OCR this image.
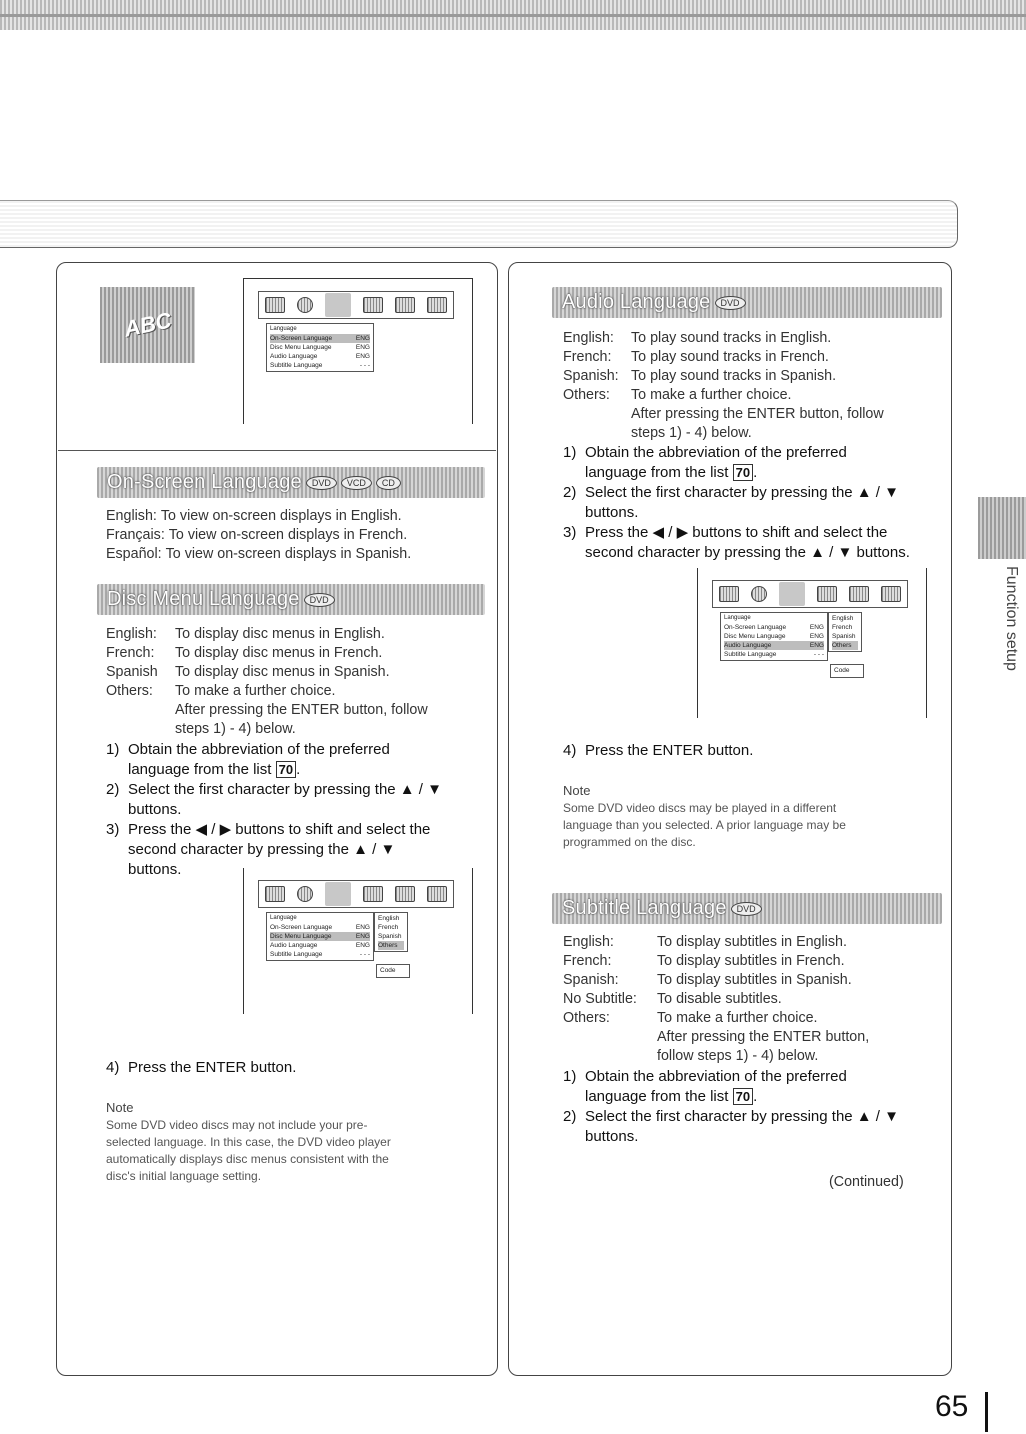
ABC	Language
On-Screen Language	ENG
Disc Menu Language	ENG
Audio Language	ENG
Subtitle Language	- - -
On-Screen Language	DVD	VCD	CD
English:
To view on-screen displays in English.
Français:
To view on-screen displays in French.
Español:
To view on-screen displays in Spanish.
Disc Menu Language	DVD
English:	To display disc menus in English.
French:	To display disc menus in French.
Spanish	To display disc menus in Spanish.
Others:	To make a further choice.
After pressing the ENTER button, follow
steps 1) - 4) below.
1) Obtain the abbreviation of the preferred
language from the list 70 .
2) Select the first character by pressing the ▲ / ▼
buttons.
3) Press the ◀ / ▶ buttons to shift and select the
second character by pressing the ▲ / ▼
buttons.
Language
On-Screen Language	ENG
Disc Menu Language	ENG
Audio Language	ENG
Subtitle Language	- - -
English
French
Spanish
Others
Code
4) Press the ENTER button.
Note
Some DVD video discs may not include your pre-
selected language. In this case, the DVD video player
automatically displays disc menus consistent with the
disc's initial language setting.
Audio Language	DVD
English:	To play sound tracks in English.
French:	To play sound tracks in French.
Spanish: To play sound tracks in Spanish.
Others:	To make a further choice.
After pressing the ENTER button, follow
steps 1) - 4) below.
1) Obtain the abbreviation of the preferred
language from the list 70 .
2) Select the first character by pressing the ▲ / ▼
buttons.
3) Press the ◀ / ▶ buttons to shift and select the
second character by pressing the ▲ / ▼ buttons.
Language
On-Screen Language	ENG
Disc Menu Language	ENG
Audio Language	ENG
Subtitle Language	- - -
English
French
Spanish
Others
Code
4) Press the ENTER button.
Note
Some DVD video discs may be played in a different
language than you selected. A prior language may be
programmed on the disc.
Subtitle Language	DVD
English:	To display subtitles in English.
French:	To display subtitles in French.
Spanish:	To display subtitles in Spanish.
No Subtitle:	To disable subtitles.
Others:	To make a further choice.
After pressing the ENTER button,
follow steps 1) - 4) below.
1) Obtain the abbreviation of the preferred
language from the list 70 .
2) Select the first character by pressing the ▲ / ▼
buttons.
(Continued)
Function setup
65
